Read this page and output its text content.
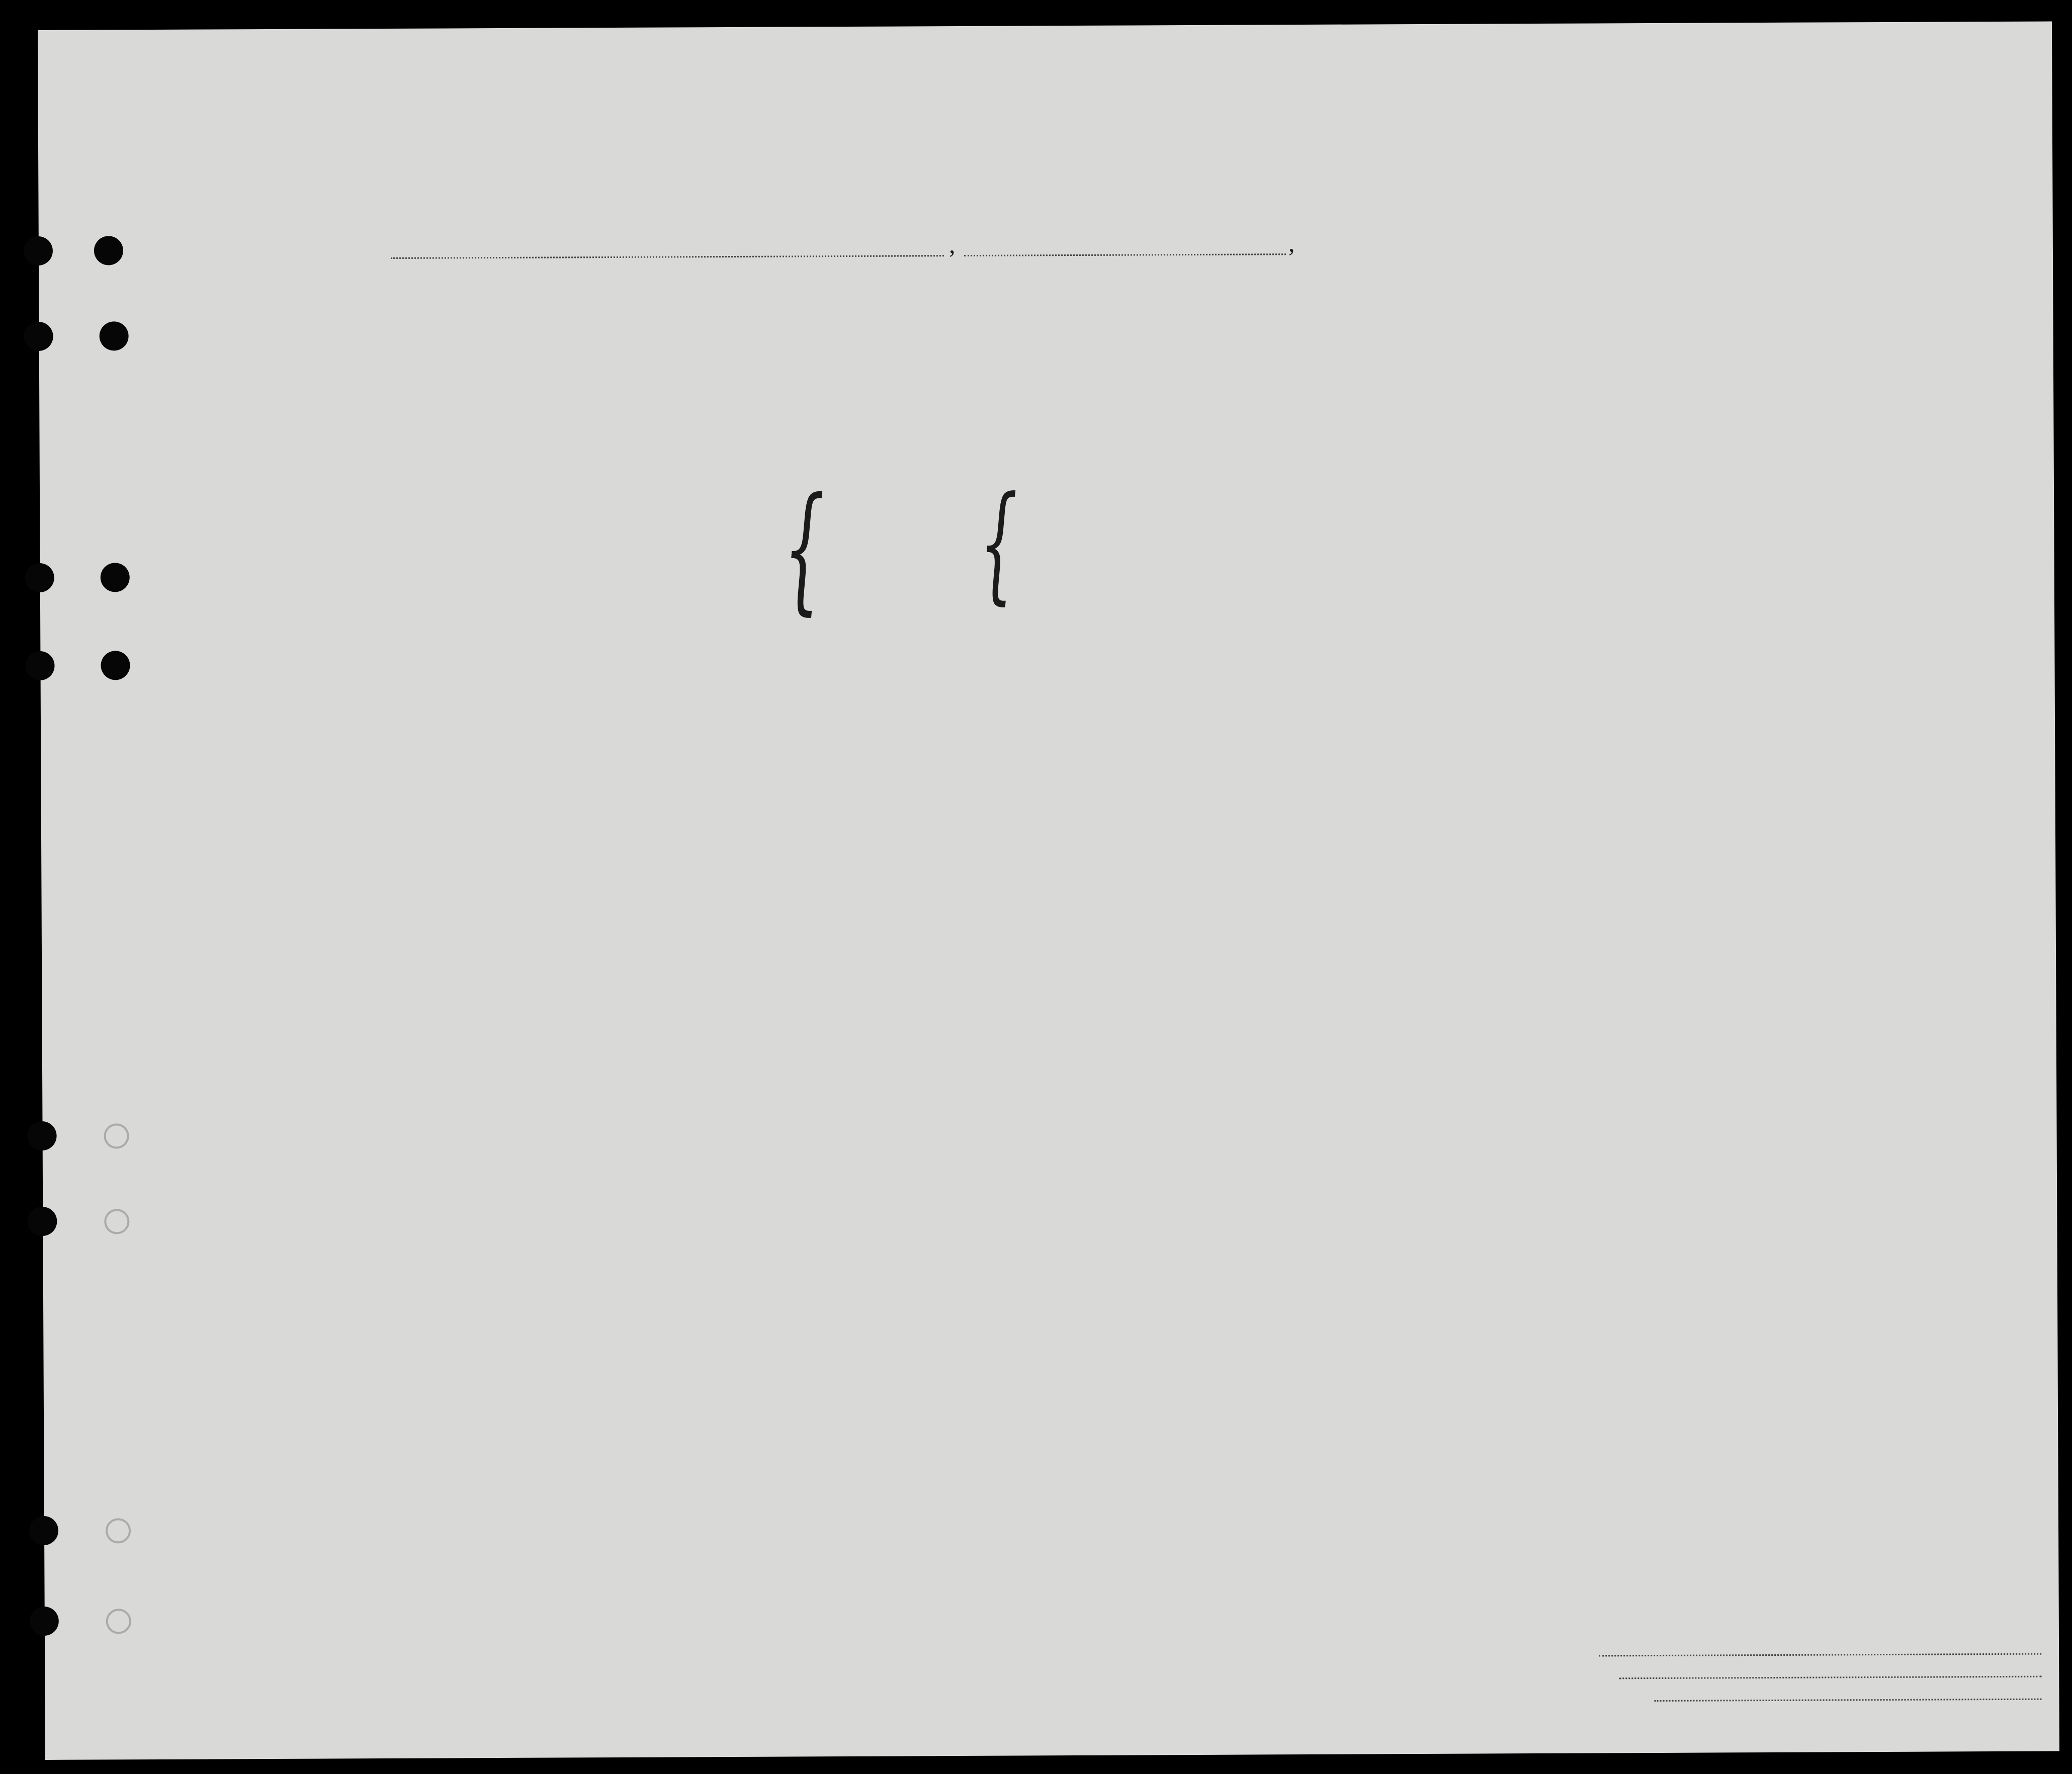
,	,
{	{
